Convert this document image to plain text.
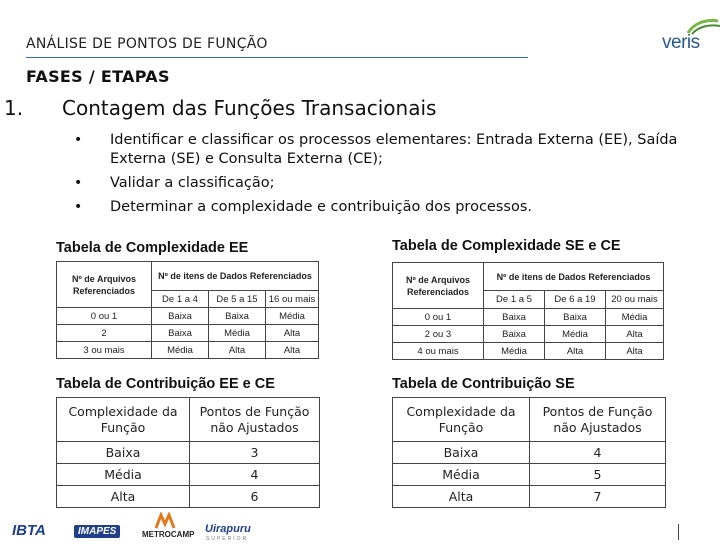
ANÁLISE DE PONTOS DE FUNÇÃO
FASES / ETAPAS
veris
1. Contagem das Funções Transacionais
• Identificar e classificar os processos elementares: Entrada Externa (EE), Saída Externa (SE) e Consulta Externa (CE);
• Validar a classificação;
• Determinar a complexidade e contribuição dos processos.
Tabela de Complexidade EE
Nº de Arquivos Referenciados	Nº de itens de Dados Referenciados		
	De 1 a 4	De 5 a 15	16 ou mais
0 ou 1	Baixa	Baixa	Média
2	Baixa	Média	Alta
3 ou mais	Média	Alta	Alta
Tabela de Complexidade SE e CE
Nº de Arquivos Referenciados	Nº de itens de Dados Referenciados		
	De 1 a 5	De 6 a 19	20 ou mais
0 ou 1	Baixa	Baixa	Média
2 ou 3	Baixa	Média	Alta
4 ou mais	Média	Alta	Alta
Tabela de Contribuição EE e CE
Complexidade da Função	Pontos de Função não Ajustados
Baixa	3
Média	4
Alta	6
Tabela de Contribuição SE
Complexidade da Função	Pontos de Função não Ajustados
Baixa	4
Média	5
Alta	7
IBTA	IMAPES	METROCAMP Uirapuru
SUPERIOR
